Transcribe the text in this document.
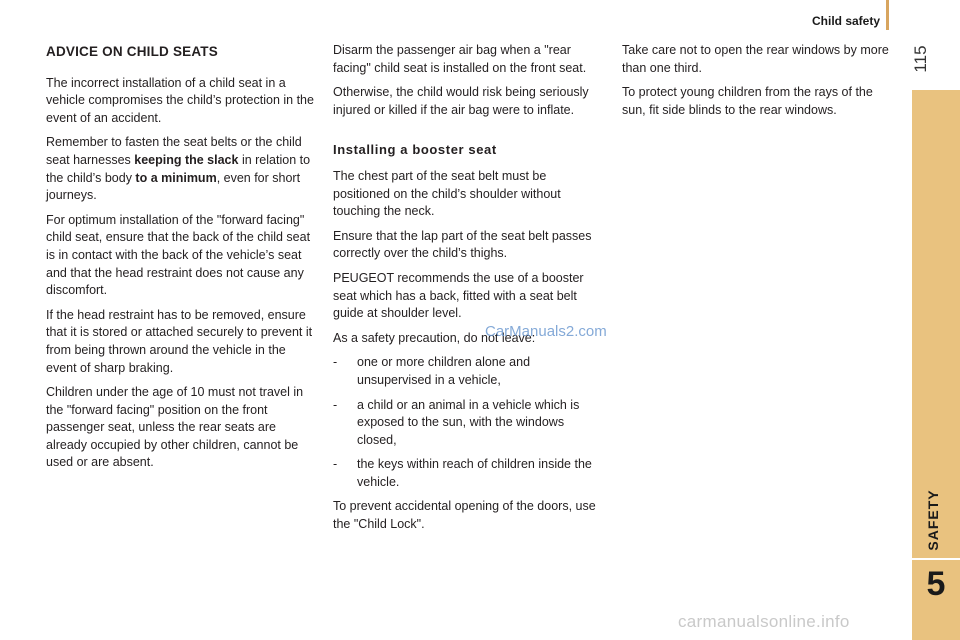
Child safety
115
SAFETY
5
ADVICE ON CHILD SEATS

The incorrect installation of a child seat in a vehicle compromises the child’s protection in the event of an accident.

Remember to fasten the seat belts or the child seat harnesses keeping the slack in relation to the child’s body to a minimum, even for short journeys.

For optimum installation of the "forward facing" child seat, ensure that the back of the child seat is in contact with the back of the vehicle’s seat and that the head restraint does not cause any discomfort.

If the head restraint has to be removed, ensure that it is stored or attached securely to prevent it from being thrown around the vehicle in the event of sharp braking.

Children under the age of 10 must not travel in the "forward facing" position on the front passenger seat, unless the rear seats are already occupied by other children, cannot be used or are absent.

Disarm the passenger air bag when a "rear facing" child seat is installed on the front seat.

Otherwise, the child would risk being seriously injured or killed if the air bag were to inflate.

Installing a booster seat

The chest part of the seat belt must be positioned on the child’s shoulder without touching the neck.

Ensure that the lap part of the seat belt passes correctly over the child’s thighs.

PEUGEOT recommends the use of a booster seat which has a back, fitted with a seat belt guide at shoulder level.

As a safety precaution, do not leave:

-	one or more children alone and unsupervised in a vehicle,
-	a child or an animal in a vehicle which is exposed to the sun, with the windows closed,
-	the keys within reach of children inside the vehicle.

To prevent accidental opening of the doors, use the "Child Lock".

Take care not to open the rear windows by more than one third.

To protect young children from the rays of the sun, fit side blinds to the rear windows.

CarManuals2.com
carmanualsonline.info
